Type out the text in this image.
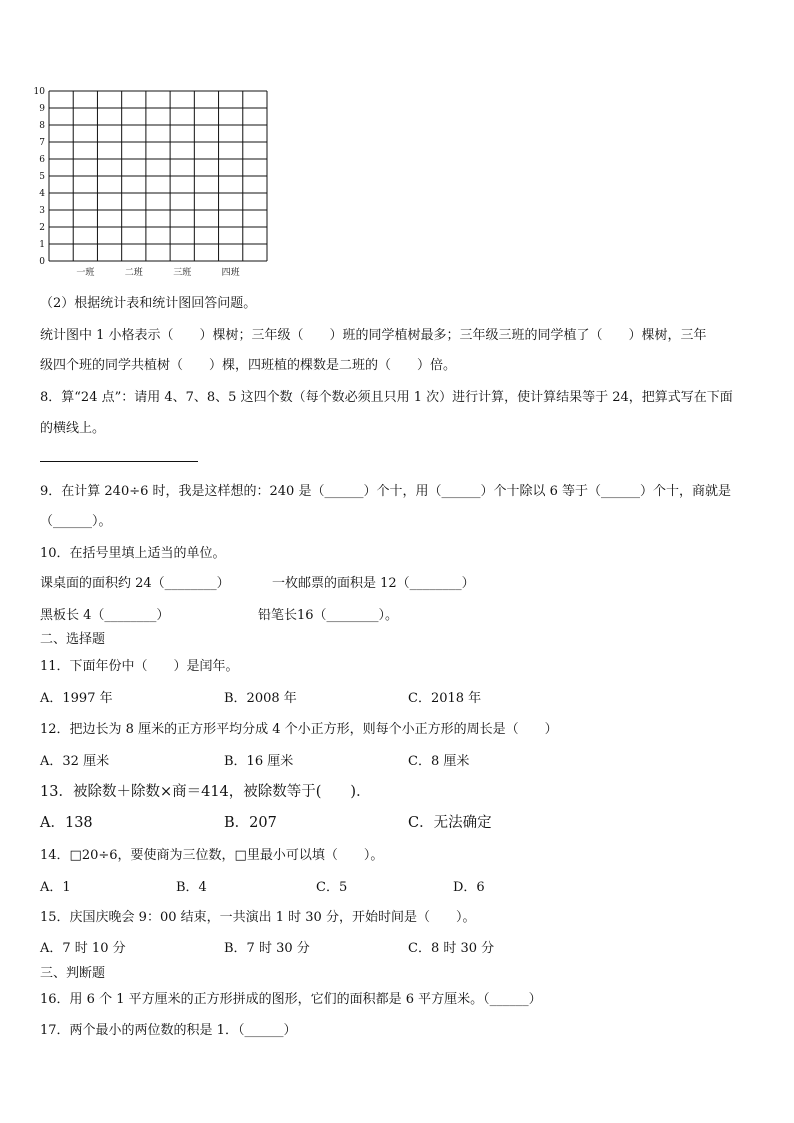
0
1
2
3
4
5
6
7
8
9
10
一班	二班	三班	四班
（2）根据统计表和统计图回答问题。
统计图中 1 小格表示（　　）棵树；三年级（　　）班的同学植树最多；三年级三班的同学植了（　　）棵树，三年
级四个班的同学共植树（　　）棵，四班植的棵数是二班的（　　）倍。
8．算“24 点”：请用 4、7、8、5 这四个数（每个数必须且只用 1 次）进行计算，使计算结果等于 24，把算式写在下面
的横线上。
9．在计算 240÷6 时，我是这样想的：240 是（______）个十，用（______）个十除以 6 等于（______）个十，商就是
（______）。
10．在括号里填上适当的单位。
课桌面的面积约 24（________）	一枚邮票的面积是 12（________）
黑板长 4（________）	铅笔长16（________）。
二、选择题
11．下面年份中（　　）是闰年。
A．1997 年	B．2008 年	C．2018 年
12．把边长为 8 厘米的正方形平均分成 4 个小正方形，则每个小正方形的周长是（　　）
A．32 厘米	B．16 厘米	C．8 厘米
13．被除数＋除数×商＝414，被除数等于(　　)．
A．138	B．207	C．无法确定
14．□20÷6，要使商为三位数，□里最小可以填（　　）。
A．1	B．4	C．5	D．6
15．庆国庆晚会 9：00 结束，一共演出 1 时 30 分，开始时间是（　　）。
A．7 时 10 分	B．7 时 30 分	C．8 时 30 分
三、判断题
16．用 6 个 1 平方厘米的正方形拼成的图形，它们的面积都是 6 平方厘米。（______）
17．两个最小的两位数的积是 1．（______）
